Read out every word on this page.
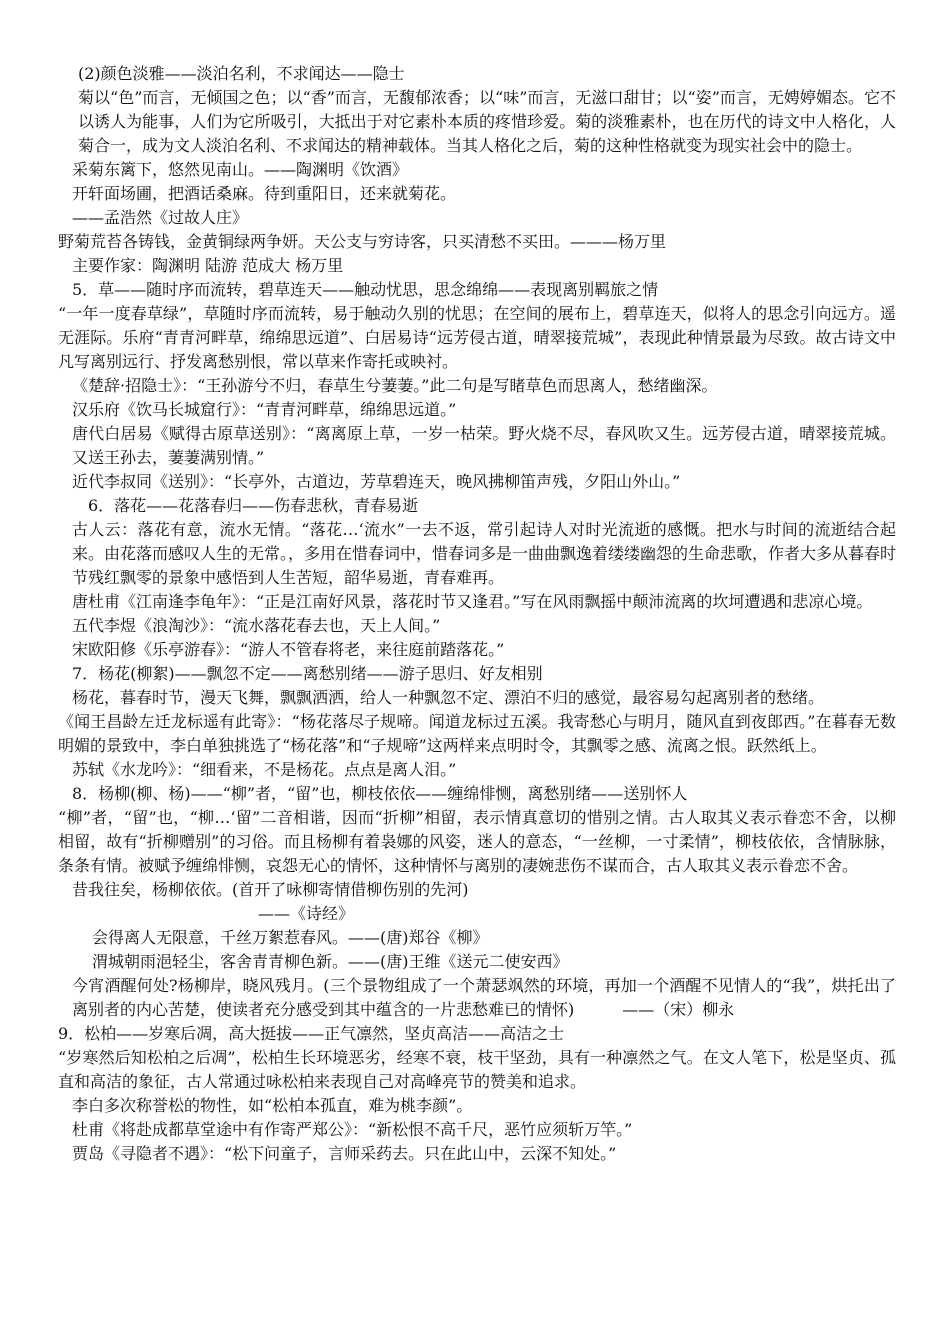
(2)颜色淡雅——淡泊名利，不求闻达——隐士

菊以“色”而言，无倾国之色；以“香”而言，无馥郁浓香；以“味”而言，无滋口甜甘；以“姿”而言，无娉婷媚态。它不以诱人为能事，人们为它所吸引，大抵出于对它素朴本质的疼惜珍爱。菊的淡雅素朴，也在历代的诗文中人格化，人菊合一，成为文人淡泊名利、不求闻达的精神载体。当其人格化之后，菊的这种性格就变为现实社会中的隐士。

采菊东篱下，悠然见南山。——陶渊明《饮酒》

开轩面场圃，把酒话桑麻。待到重阳日，还来就菊花。

——孟浩然《过故人庄》

野菊荒苔各铸钱，金黄铜绿两争妍。天公支与穷诗客，只买清愁不买田。———杨万里

主要作家：陶渊明 陆游 范成大 杨万里

5．草——随时序而流转，碧草连天——触动忧思，思念绵绵——表现离别羁旅之情

“一年一度春草绿”，草随时序而流转，易于触动久别的忧思；在空间的展布上，碧草连天，似将人的思念引向远方。遥无涯际。乐府“青青河畔草，绵绵思远道”、白居易诗“远芳侵古道，晴翠接荒城”，表现此种情景最为尽致。故古诗文中凡写离别远行、抒发离愁别恨，常以草来作寄托或映衬。

《楚辞·招隐士》：“王孙游兮不归，春草生兮萋萋。”此二句是写睹草色而思离人，愁绪幽深。

汉乐府《饮马长城窟行》：“青青河畔草，绵绵思远道。”

唐代白居易《赋得古原草送别》：“离离原上草，一岁一枯荣。野火烧不尽，春风吹又生。远芳侵古道，晴翠接荒城。又送王孙去，萋萋满别情。”

近代李叔同《送别》：“长亭外，古道边，芳草碧连天，晚风拂柳笛声残，夕阳山外山。”

6．落花——花落春归——伤春悲秋，青春易逝

古人云：落花有意，流水无情。“落花…‘流水”一去不返，常引起诗人对时光流逝的感慨。把水与时间的流逝结合起来。由花落而感叹人生的无常。，多用在惜春词中，惜春词多是一曲曲飘逸着缕缕幽怨的生命悲歌，作者大多从暮春时节残红飘零的景象中感悟到人生苦短，韶华易逝，青春难再。

唐杜甫《江南逢李龟年》：“正是江南好风景，落花时节又逢君。”写在风雨飘摇中颠沛流离的坎坷遭遇和悲凉心境。

五代李煜《浪淘沙》：“流水落花春去也，天上人间。”

宋欧阳修《乐亭游春》：“游人不管春将老，来往庭前踏落花。”

7．杨花(柳絮)——飘忽不定——离愁别绪——游子思归、好友相别

杨花，暮春时节，漫天飞舞，飘飘洒洒，给人一种飘忽不定、漂泊不归的感觉，最容易勾起离别者的愁绪。

《闻王昌龄左迁龙标遥有此寄》：“杨花落尽子规啼。闻道龙标过五溪。我寄愁心与明月，随风直到夜郎西。”在暮春无数明媚的景致中，李白单独挑选了“杨花落”和“子规啼”这两样来点明时令，其飘零之感、流离之恨。跃然纸上。

苏轼《水龙吟》：“细看来，不是杨花。点点是离人泪。”

8．杨柳(柳、杨)——“柳”者，“留”也，柳枝依依——缠绵悱恻，离愁别绪——送别怀人

“柳”者，“留”也，“柳…‘留”二音相谐，因而“折柳”相留，表示情真意切的惜别之情。古人取其义表示眷恋不舍，以柳相留，故有“折柳赠别”的习俗。而且杨柳有着袅娜的风姿，迷人的意态，“一丝柳，一寸柔情”，柳枝依依，含情脉脉，条条有情。被赋予缠绵悱恻，哀怨无心的情怀，这种情怀与离别的凄婉悲伤不谋而合，古人取其义表示眷恋不舍。

昔我往矣，杨柳依依。(首开了咏柳寄情借柳伤别的先河)

——《诗经》

会得离人无限意，千丝万絮惹春风。——(唐)郑谷《柳》

渭城朝雨浥轻尘，客舍青青柳色新。——(唐)王维《送元二使安西》

今宵酒醒何处?杨柳岸，晓风残月。(三个景物组成了一个萧瑟飒然的环境，再加一个酒醒不见情人的“我”，烘托出了离别者的内心苦楚，使读者充分感受到其中蕴含的一片悲愁难已的情怀)　　　——（宋）柳永

9．松柏——岁寒后凋，高大挺拔——正气凛然，坚贞高洁——高洁之士

“岁寒然后知松柏之后凋”，松柏生长环境恶劣，经寒不衰，枝干坚劲，具有一种凛然之气。在文人笔下，松是坚贞、孤直和高洁的象征，古人常通过咏松柏来表现自己对高峰亮节的赞美和追求。

李白多次称誉松的物性，如“松柏本孤直，难为桃李颜”。

杜甫《将赴成都草堂途中有作寄严郑公》：“新松恨不高千尺，恶竹应须斩万竿。”

贾岛《寻隐者不遇》：“松下问童子，言师采药去。只在此山中，云深不知处。”
